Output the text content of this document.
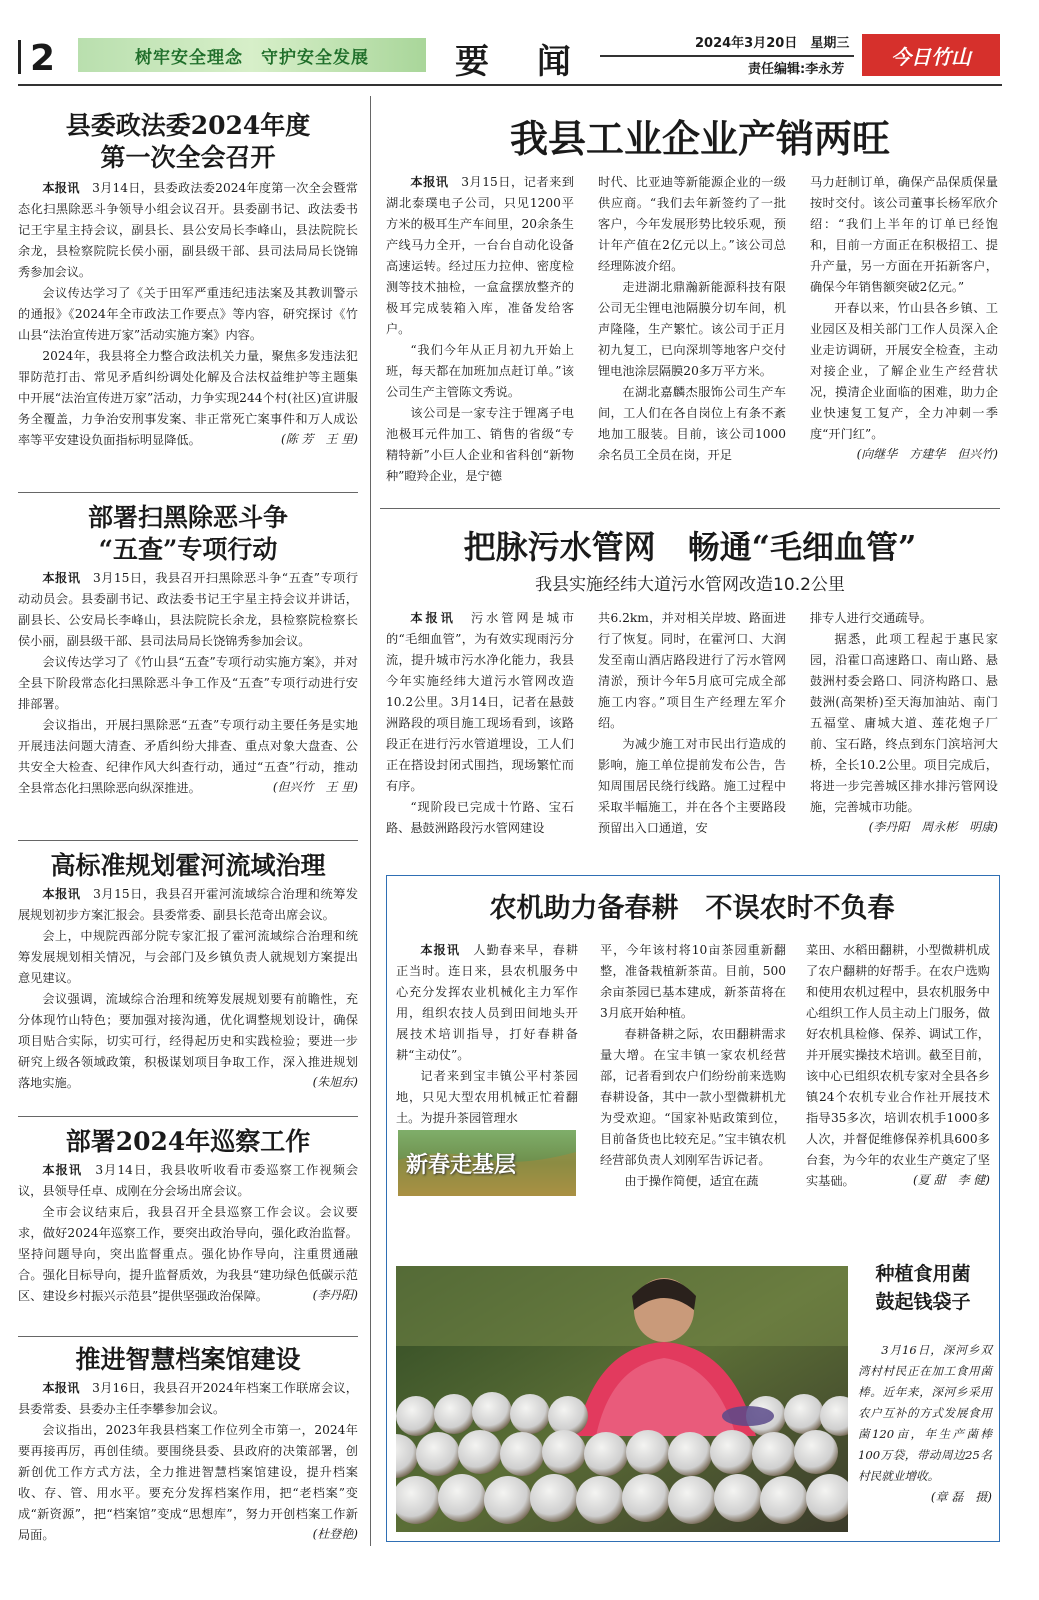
2	树牢安全理念　守护安全发展	要 闻	2024年3月20日　星期三
责任编辑:李永芳
今日竹山
县委政法委2024年度
第一次全会召开

本报讯　 3月14日，县委政法委2024年度第一次全会暨常态化扫黑除恶斗争领导小组会议召开。县委副书记、政法委书记王宇星主持会议，副县长、县公安局长李峰山，县法院院长余龙，县检察院院长侯小丽，副县级干部、县司法局局长饶锦秀参加会议。

会议传达学习了《关于田军严重违纪违法案及其教训警示的通报》《2024年全市政法工作要点》等内容，研究探讨《竹山县“法治宣传进万家”活动实施方案》内容。

2024年，我县将全力整合政法机关力量，聚焦多发违法犯罪防范打击、常见矛盾纠纷调处化解及合法权益维护等主题集中开展“法治宣传进万家”活动，力争实现244个村(社区)宣讲服务全覆盖，力争治安刑事发案、非正常死亡案事件和万人成讼率等平安建设负面指标明显降低。	(陈 芳　王 里)
部署扫黑除恶斗争
“五查”专项行动

本报讯　 3月15日，我县召开扫黑除恶斗争“五查”专项行动动员会。县委副书记、政法委书记王宇星主持会议并讲话，副县长、公安局长李峰山，县法院院长余龙，县检察院检察长侯小丽，副县级干部、县司法局局长饶锦秀参加会议。

会议传达学习了《竹山县“五查”专项行动实施方案》，并对全县下阶段常态化扫黑除恶斗争工作及“五查”专项行动进行安排部署。

会议指出，开展扫黑除恶“五查”专项行动主要任务是实地开展违法问题大清查、矛盾纠纷大排查、重点对象大盘查、公共安全大检查、纪律作风大纠查行动，通过“五查”行动，推动全县常态化扫黑除恶向纵深推进。	(但兴竹　王 里)
高标准规划霍河流域治理

本报讯　 3月15日，我县召开霍河流域综合治理和统筹发展规划初步方案汇报会。县委常委、副县长范奇出席会议。

会上，中规院西部分院专家汇报了霍河流域综合治理和统筹发展规划相关情况，与会部门及乡镇负责人就规划方案提出意见建议。

会议强调，流域综合治理和统筹发展规划要有前瞻性，充分体现竹山特色；要加强对接沟通，优化调整规划设计，确保项目贴合实际，切实可行，经得起历史和实践检验；要进一步研究上级各领域政策，积极谋划项目争取工作，深入推进规划落地实施。	(朱旭东)
部署2024年巡察工作

本报讯　 3月14日，我县收听收看市委巡察工作视频会议，县领导任卓、成刚在分会场出席会议。

全市会议结束后，我县召开全县巡察工作会议。会议要求，做好2024年巡察工作，要突出政治导向，强化政治监督。坚持问题导向，突出监督重点。强化协作导向，注重贯通融合。强化目标导向，提升监督质效，为我县“建功绿色低碳示范区、建设乡村振兴示范县”提供坚强政治保障。	(李丹阳)
推进智慧档案馆建设

本报讯　 3月16日，我县召开2024年档案工作联席会议，县委常委、县委办主任李攀参加会议。

会议指出，2023年我县档案工作位列全市第一，2024年要再接再厉，再创佳绩。要围绕县委、县政府的决策部署，创新创优工作方式方法，全力推进智慧档案馆建设，提升档案收、存、管、用水平。要充分发挥档案作用，把“老档案”变成“新资源”，把“档案馆”变成“思想库”，努力开创档案工作新局面。	(杜登艳)
我县工业企业产销两旺

本报讯　 3月15日，记者来到湖北泰璞电子公司，只见1200平方米的极耳生产车间里，20余条生产线马力全开，一台台自动化设备高速运转。经过压力拉伸、密度检测等技术抽检，一盒盒摆放整齐的极耳完成装箱入库，准备发给客户。

“我们今年从正月初九开始上班，每天都在加班加点赶订单。”该公司生产主管陈文秀说。

该公司是一家专注于锂离子电池极耳元件加工、销售的省级“专精特新”小巨人企业和省科创“新物种”瞪羚企业，是宁德

时代、比亚迪等新能源企业的一级供应商。“我们去年新签约了一批客户，今年发展形势比较乐观，预计年产值在2亿元以上。”该公司总经理陈波介绍。

走进湖北鼎瀚新能源科技有限公司无尘锂电池隔膜分切车间，机声隆隆，生产繁忙。该公司于正月初九复工，已向深圳等地客户交付锂电池涂层隔膜20多万平方米。

在湖北嘉麟杰服饰公司生产车间，工人们在各自岗位上有条不紊地加工服装。目前，该公司1000余名员工全员在岗，开足

马力赶制订单，确保产品保质保量按时交付。该公司董事长杨军欣介绍：“我们上半年的订单已经饱和，目前一方面正在积极招工、提升产量，另一方面在开拓新客户，确保今年销售额突破2亿元。”

开春以来，竹山县各乡镇、工业园区及相关部门工作人员深入企业走访调研，开展安全检查，主动对接企业，了解企业生产经营状况，摸清企业面临的困难，助力企业快速复工复产，全力冲刺一季度“开门红”。

(向继华　方建华　但兴竹)
把脉污水管网　畅通“毛细血管”
我县实施经纬大道污水管网改造10.2公里

本报讯　 污水管网是城市的“毛细血管”，为有效实现雨污分流，提升城市污水净化能力，我县今年实施经纬大道污水管网改造10.2公里。3月14日，记者在悬鼓洲路段的项目施工现场看到，该路段正在进行污水管道埋设，工人们正在搭设封闭式围挡，现场繁忙而有序。

“现阶段已完成十竹路、宝石路、悬鼓洲路段污水管网建设

共6.2km，并对相关岸坡、路面进行了恢复。同时，在霍河口、大润发至南山酒店路段进行了污水管网清淤，预计今年5月底可完成全部施工内容。”项目生产经理左军介绍。

为减少施工对市民出行造成的影响，施工单位提前发布公告，告知周围居民绕行线路。施工过程中采取半幅施工，并在各个主要路段预留出入口通道，安

排专人进行交通疏导。

据悉，此项工程起于惠民家园，沿霍口高速路口、南山路、悬鼓洲村委会路口、同济构路口、悬鼓洲(高架桥)至天海加油站、南门五福堂、庸城大道、莲花炮子厂前、宝石路，终点到东门滨培河大桥，全长10.2公里。项目完成后，将进一步完善城区排水排污管网设施，完善城市功能。

(李丹阳　周永彬　明康)
农机助力备春耕　不误农时不负春

本报讯　 人勤春来早，春耕正当时。连日来，县农机服务中心充分发挥农业机械化主力军作用，组织农技人员到田间地头开展技术培训指导，打好春耕备耕“主动仗”。

记者来到宝丰镇公平村茶园地，只见大型农用机械正忙着翻土。为提升茶园管理水

新春走基层

平，今年该村将10亩茶园重新翻整，准备栽植新茶苗。目前，500余亩茶园已基本建成，新茶苗将在3月底开始种植。

春耕备耕之际，农田翻耕需求量大增。在宝丰镇一家农机经营部，记者看到农户们纷纷前来选购春耕设备，其中一款小型微耕机尤为受欢迎。“国家补贴政策到位，目前备货也比较充足。”宝丰镇农机经营部负责人刘刚军告诉记者。

由于操作简便，适宜在蔬

菜田、水稻田翻耕，小型微耕机成了农户翻耕的好帮手。在农户选购和使用农机过程中，县农机服务中心组织工作人员主动上门服务，做好农机具检修、保养、调试工作，并开展实操技术培训。截至目前，该中心已组织农机专家对全县各乡镇24个农机专业合作社开展技术指导35多次，培训农机手1000多人次，并督促维修保养机具600多台套，为今年的农业生产奠定了坚实基础。	(夏 甜　李 健)
种植食用菌
鼓起钱袋子
3月16日，深河乡双湾村村民正在加工食用菌棒。近年来，深河乡采用农户互补的方式发展食用菌120亩，年生产菌棒100万袋，带动周边25名村民就业增收。
(章 磊　摄)
